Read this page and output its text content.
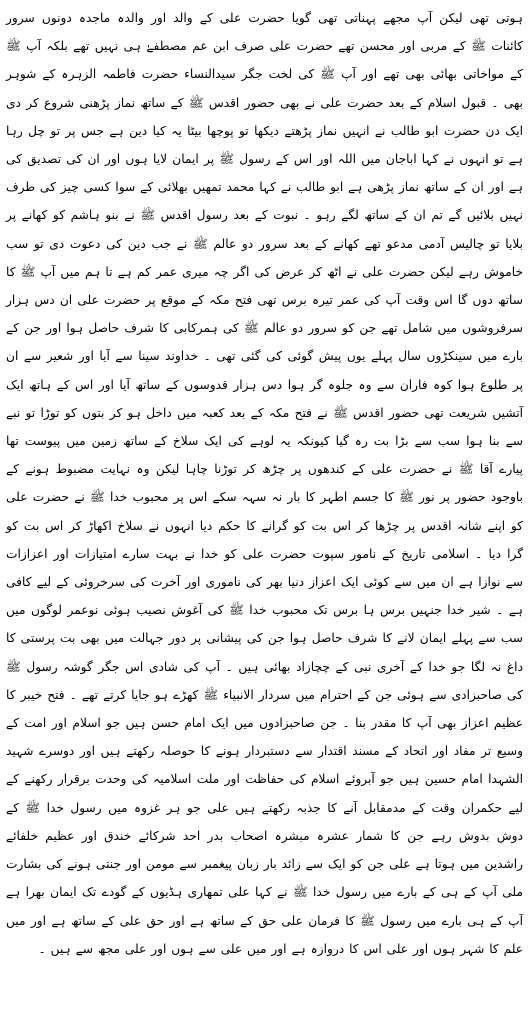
ہوتی تھی لیکن آپ مجھے پہناتی تھی گویا حضرت علی کے والد اور والدہ ماجدہ دونوں سرور کائنات ﷺ کے مربی اور محسن تھے حضرت علی صرف ابن عم مصطفےٰ ہی نہیں تھے بلکہ آپ ﷺ کے مواخاتی بھائی بھی تھے اور آپ ﷺ کی لخت جگر سیدالنساء حضرت فاطمہ الزہرہ کے شوہر بھی ۔ قبول اسلام کے بعد حضرت علی نے بھی حضور اقدس ﷺ کے ساتھ نماز پڑھنی شروع کر دی ایک دن حضرت ابو طالب نے انہیں نماز پڑھتے دیکھا تو پوچھا بیٹا یہ کیا دین ہے جس پر تو چل رہا ہے تو انہوں نے کہا اباجان میں اللہ اور اس کے رسول ﷺ پر ایمان لایا ہوں اور ان کی تصدیق کی ہے اور ان کے ساتھ نماز پڑھی ہے ابو طالب نے کہا محمد تمھیں بھلائی کے سوا کسی چیز کی طرف نہیں بلائیں گے تم ان کے ساتھ لگے رہو ۔ نبوت کے بعد رسول اقدس ﷺ نے بنو ہاشم کو کھانے پر بلایا تو چالیس آدمی مدعو تھے کھانے کے بعد سرور دو عالم ﷺ نے جب دین کی دعوت دی تو سب خاموش رہے لیکن حضرت علی نے اٹھ کر عرض کی اگر چہ میری عمر کم ہے تا ہم میں آپ ﷺ کا ساتھ دوں گا اس وقت آپ کی عمر تیرہ برس تھی فتح مکہ کے موقع پر حضرت علی ان دس ہزار سرفروشوں میں شامل تھے جن کو سرور دو عالم ﷺ کی ہمرکابی کا شرف حاصل ہوا اور جن کے بارے میں سینکڑوں سال پہلے یوں پیش گوئی کی گئی تھی ۔ خداوند سینا سے آیا اور شعیر سے ان پر طلوع ہوا کوہ فاران سے وہ جلوہ گر ہوا دس ہزار قدوسوں کے ساتھ آیا اور اس کے ہاتھ ایک آتشیں شریعت تھی حضور اقدس ﷺ نے فتح مکہ کے بعد کعبہ میں داخل ہو کر بتوں کو توڑا تو نبے سے بنا ہوا سب سے بڑا بت رہ گیا کیونکہ یہ لوہے کی ایک سلاخ کے ساتھ زمین میں پیوست تھا پیارے آقا ﷺ نے حضرت علی کے کندھوں پر چڑھ کر توڑنا چاہا لیکن وہ نہایت مضبوط ہونے کے باوجود حضور پر نور ﷺ کا جسم اطہر کا بار نہ سہہ سکے اس پر محبوب خدا ﷺ نے حضرت علی کو اپنے شانہ اقدس پر چڑھا کر اس بت کو گرانے کا حکم دیا انہوں نے سلاخ اکھاڑ کر اس بت کو گرا دیا ۔ اسلامی تاریخ کے نامور سپوت حضرت علی کو خدا نے بہت سارے امتیازات اور اعزازات سے نوازا ہے ان میں سے کوئی ایک اعزاز دنیا بھر کی ناموری اور آخرت کی سرخروئی کے لیے کافی ہے ۔ شیر خدا جنہیں برس ہا برس تک محبوب خدا ﷺ کی آغوش نصیب ہوئی نوعمر لوگوں میں سب سے پہلے ایمان لانے کا شرف حاصل ہوا جن کی پیشانی پر دور جہالت میں بھی بت پرستی کا داغ نہ لگا جو خدا کے آخری نبی کے چچازاد بھائی ہیں ۔ آپ کی شادی اس جگر گوشہ رسول ﷺ کی صاحبزادی سے ہوئی جن کے احترام میں سردار الانبیاء ﷺ کھڑے ہو جایا کرتے تھے ۔ فتح خیبر کا عظیم اعزاز بھی آپ کا مقدر بنا ۔ جن صاحبزادوں میں ایک امام حسن ہیں جو اسلام اور امت کے وسیع تر مفاد اور اتحاد کے مسند اقتدار سے دستبردار ہونے کا حوصلہ رکھتے ہیں اور دوسرے شہید الشہدا امام حسین ہیں جو آبروئے اسلام کی حفاظت اور ملت اسلامیہ کی وحدت برقرار رکھنے کے لیے حکمران وقت کے مدمقابل آنے کا جذبہ رکھتے ہیں علی جو ہر غزوہ میں رسول خدا ﷺ کے دوش بدوش رہے جن کا شمار عشرہ مبشرہ اصحاب بدر احد شرکائے خندق اور عظیم خلفائے راشدین میں ہوتا ہے علی جن کو ایک سے زائد بار زبان پیغمبر سے مومن اور جنتی ہونے کی بشارت ملی آپ کے ہی کے بارے میں رسول خدا ﷺ نے کہا علی تمھاری ہڈیوں کے گودے تک ایمان بھرا ہے آپ کے ہی بارے میں رسول ﷺ کا فرمان علی حق کے ساتھ ہے اور حق علی کے ساتھ ہے اور میں علم کا شہر ہوں اور علی اس کا دروازہ ہے اور میں علی سے ہوں اور علی مجھ سے ہیں ۔
